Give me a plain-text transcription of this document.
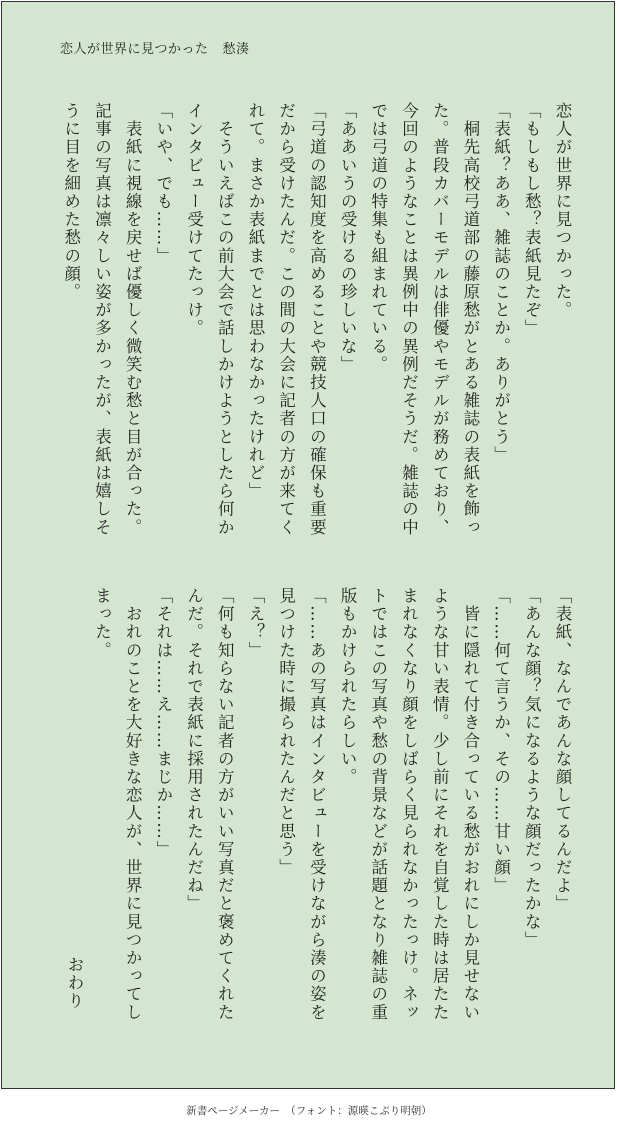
恋人が世界に見つかった 愁湊
恋人が世界に見つかった。
「もしもし愁？表紙見たぞ」
「表紙？ああ、雑誌のことか。ありがとう」
　桐先高校弓道部の藤原愁がとある雑誌の表紙を飾っ
た。普段カバーモデルは俳優やモデルが務めており、
今回のようなことは異例中の異例だそうだ。雑誌の中
では弓道の特集も組まれている。
「ああいうの受けるの珍しいな」
「弓道の認知度を高めることや競技人口の確保も重要
だから受けたんだ。この間の大会に記者の方が来てく
れて。まさか表紙までとは思わなかったけれど」
　そういえばこの前大会で話しかけようとしたら何か
インタビュー受けてたっけ。
「いや、でも……」
　表紙に視線を戻せば優しく微笑む愁と目が合った。
記事の写真は凛々しい姿が多かったが、表紙は嬉しそ
うに目を細めた愁の顔。
「表紙、なんであんな顔してるんだよ」
「あんな顔？気になるような顔だったかな」
「……何て言うか、その……甘い顔」
　皆に隠れて付き合っている愁がおれにしか見せない
ような甘い表情。少し前にそれを自覚した時は居たた
まれなくなり顔をしばらく見られなかったっけ。ネッ
トではこの写真や愁の背景などが話題となり雑誌の重
版もかけられたらしい。
「……あの写真はインタビューを受けながら湊の姿を
見つけた時に撮られたんだと思う」
「え？」
「何も知らない記者の方がいい写真だと褒めてくれた
んだ。それで表紙に採用されたんだね」
「それは……え……まじか……」
　おれのことを大好きな恋人が、世界に見つかってし
まった。
おわり
新書ページメーカー　（フォント：源暎こぶり明朝）
